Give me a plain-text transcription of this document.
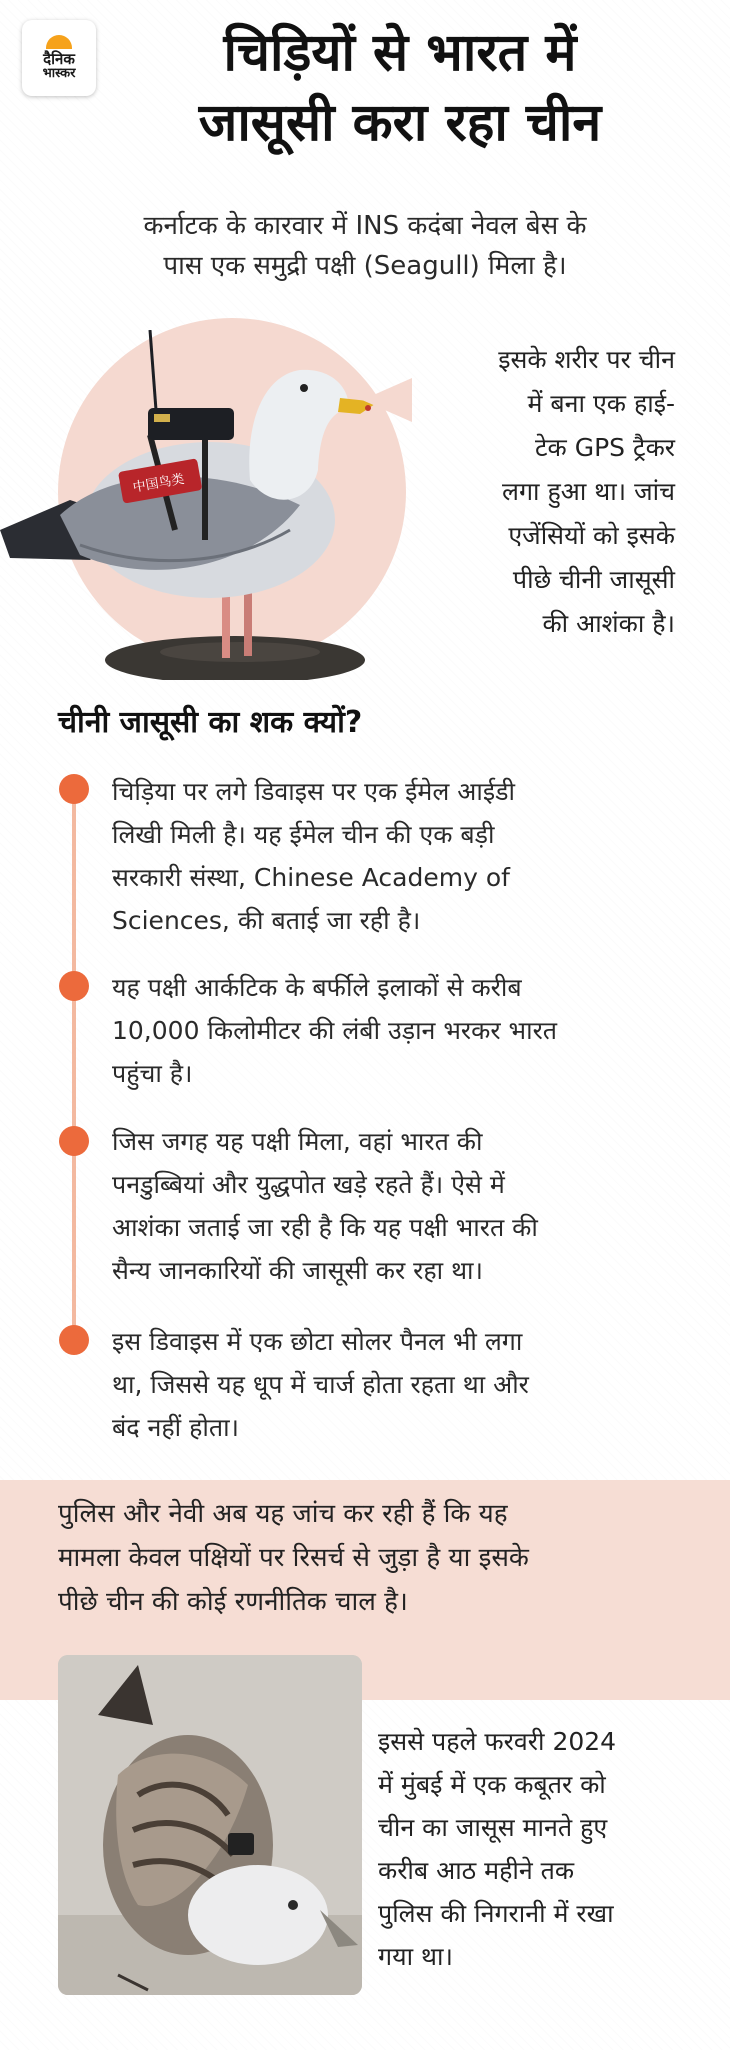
दैनिक
भास्कर	चिड़ियों से भारत में
जासूसी करा रहा चीन
कर्नाटक के कारवार में INS कदंबा नेवल बेस के
पास एक समुद्री पक्षी (Seagull) मिला है।
中国鸟类
इसके शरीर पर चीन
में बना एक हाई-
टेक GPS ट्रैकर
लगा हुआ था। जांच
एजेंसियों को इसके
पीछे चीनी जासूसी
की आशंका है।
चीनी जासूसी का शक क्यों?
चिड़िया पर लगे डिवाइस पर एक ईमेल आईडी
लिखी मिली है। यह ईमेल चीन की एक बड़ी
सरकारी संस्था, Chinese Academy of
Sciences, की बताई जा रही है।
यह पक्षी आर्कटिक के बर्फीले इलाकों से करीब
10,000 किलोमीटर की लंबी उड़ान भरकर भारत
पहुंचा है।
जिस जगह यह पक्षी मिला, वहां भारत की
पनडुब्बियां और युद्धपोत खड़े रहते हैं। ऐसे में
आशंका जताई जा रही है कि यह पक्षी भारत की
सैन्य जानकारियों की जासूसी कर रहा था।
इस डिवाइस में एक छोटा सोलर पैनल भी लगा
था, जिससे यह धूप में चार्ज होता रहता था और
बंद नहीं होता।
पुलिस और नेवी अब यह जांच कर रही हैं कि यह
मामला केवल पक्षियों पर रिसर्च से जुड़ा है या इसके
पीछे चीन की कोई रणनीतिक चाल है।
इससे पहले फरवरी 2024
में मुंबई में एक कबूतर को
चीन का जासूस मानते हुए
करीब आठ महीने तक
पुलिस की निगरानी में रखा
गया था।
